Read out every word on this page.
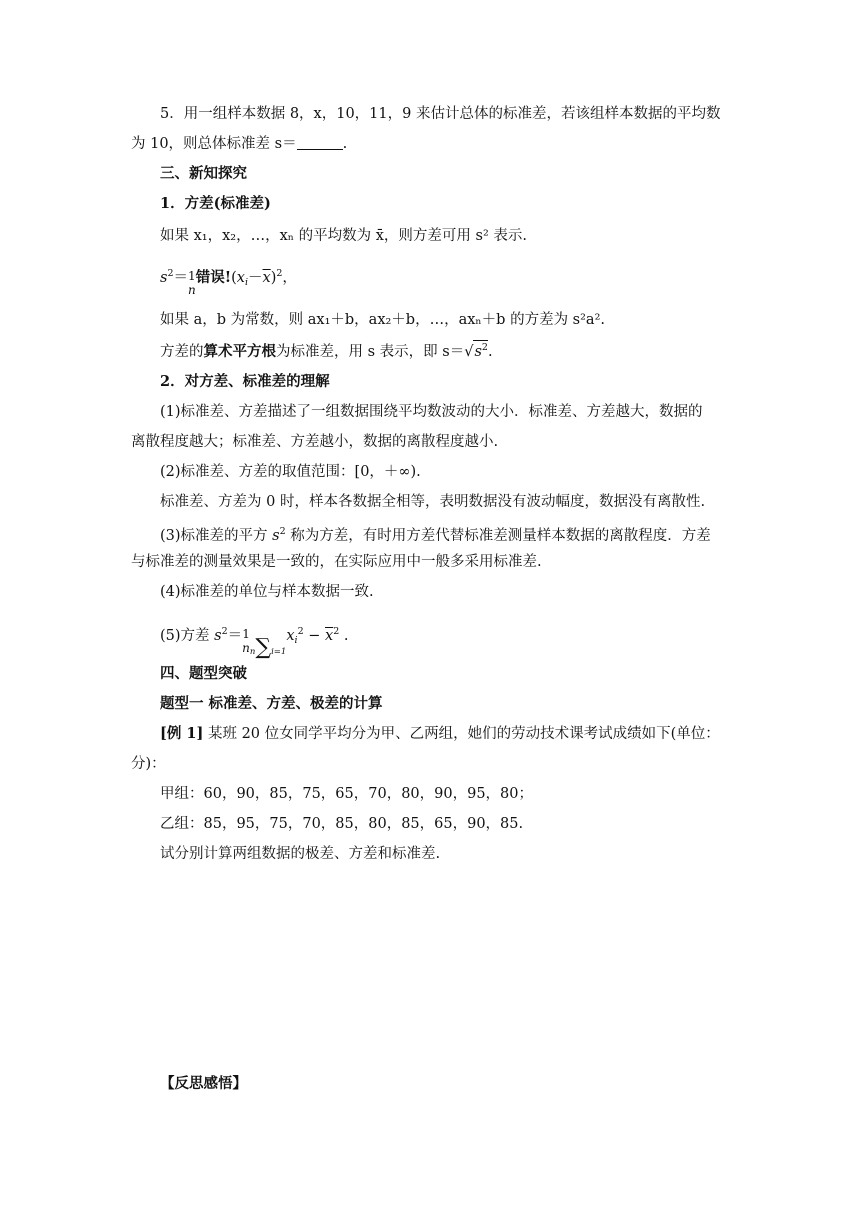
5．用一组样本数据 8，x，10，11，9 来估计总体的标准差，若该组样本数据的平均数
为 10，则总体标准差 s＝	.
三、新知探究
1．方差(标准差)
如果 x₁，x₂，…，xₙ 的平均数为 x̄，则方差可用 s² 表示.
$s^2= 1$
n
错误$!(x_i-\overline{x})^2$，
如果 a，b 为常数，则 ax₁＋b，ax₂＋b，…，axₙ＋b 的方差为 s²a².
方差的算术平方根为标准差，用 s 表示，即 $s=√s^2$.
2．对方差、标准差的理解
(1)标准差、方差描述了一组数据围绕平均数波动的大小．标准差、方差越大，数据的
离散程度越大；标准差、方差越小，数据的离散程度越小.
(2)标准差、方差的取值范围：[0，＋∞).
标准差、方差为 0 时，样本各数据全相等，表明数据没有波动幅度，数据没有离散性.
(3)标准差的平方 $s^2$ 称为方差，有时用方差代替标准差测量样本数据的离散程度．方差
与标准差的测量效果是一致的，在实际应用中一般多采用标准差.
(4)标准差的单位与样本数据一致.
(5)方差 $s^2= 1$
n $n\sum i=1x_i^2 - \overline{x}^2$ .
四、题型突破
题型一 标准差、方差、极差的计算
[例 1] 某班 20 位女同学平均分为甲、乙两组，她们的劳动技术课考试成绩如下(单位：
分)：
甲组：60，90，85，75，65，70，80，90，95，80；
乙组：85，95，75，70，85，80，85，65，90，85.
试分别计算两组数据的极差、方差和标准差.
【反思感悟】
